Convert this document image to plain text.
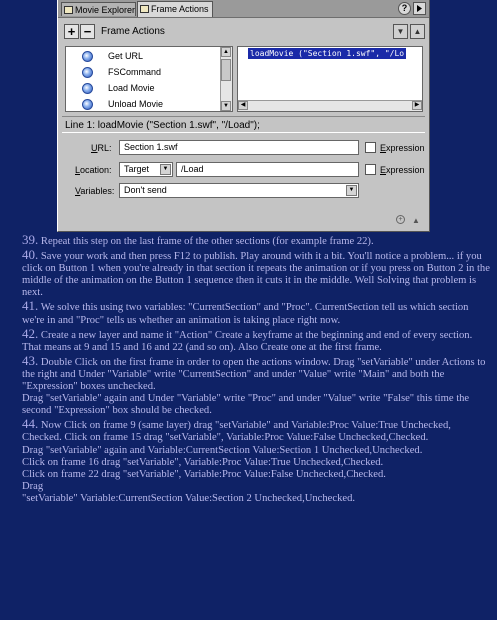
Movie Explorer	Frame Actions	?
+ − Frame Actions	▼	▲
Get URL
FSCommand
Load Movie
Unload Movie
▲
▼
loadMovie ("Section 1.swf", "/Lo
◀	▶
Line 1: loadMovie ("Section 1.swf", "/Load");
URL:	Section 1.swf	Expression
Location:	Target	▼	/Load	Expression
Variables:	Don't send	▼
+	▲

39. Repeat this step on the last frame of the other sections (for example frame 22).

40. Save your work and then press F12 to publish. Play around with it a bit. You'll notice a problem... if you click on Button 1 when you're already in that section it repeats the animation or if you press on Button 2 in the middle of the animation on the Button 1 sequence then it cuts it in the middle. Well Solving that problem is next.

41. We solve this using two variables: "CurrentSection" and "Proc". CurrentSection tell us which section we're in and "Proc" tells us whether an animation is taking place right now.

42. Create a new layer and name it "Action" Create a keyframe at the beginning and end of every section. That means at 9 and 15 and 16 and 22 (and so on). Also Create one at the first frame.

43. Double Click on the first frame in order to open the actions window. Drag "setVariable" under Actions to the right and Under "Variable" write "CurrentSection" and under "Value" write "Main" and both the "Expression" boxes unchecked.

Drag "setVariable" again and Under "Variable" write "Proc" and under "Value" write "False" this time the second "Expression" box should be checked.

44. Now Click on frame 9 (same layer) drag "setVariable" and Variable:Proc Value:True Unchecked, Checked. Click on frame 15 drag "setVariable", Variable:Proc Value:False Unchecked,Checked.

Drag "setVariable" again and Variable:CurrentSection Value:Section 1 Unchecked,Unchecked.

Click on frame 16 drag "setVariable", Variable:Proc Value:True Unchecked,Checked.

Click on frame 22 drag "setVariable", Variable:Proc Value:False Unchecked,Checked.

Drag

"setVariable" Variable:CurrentSection Value:Section 2 Unchecked,Unchecked.
